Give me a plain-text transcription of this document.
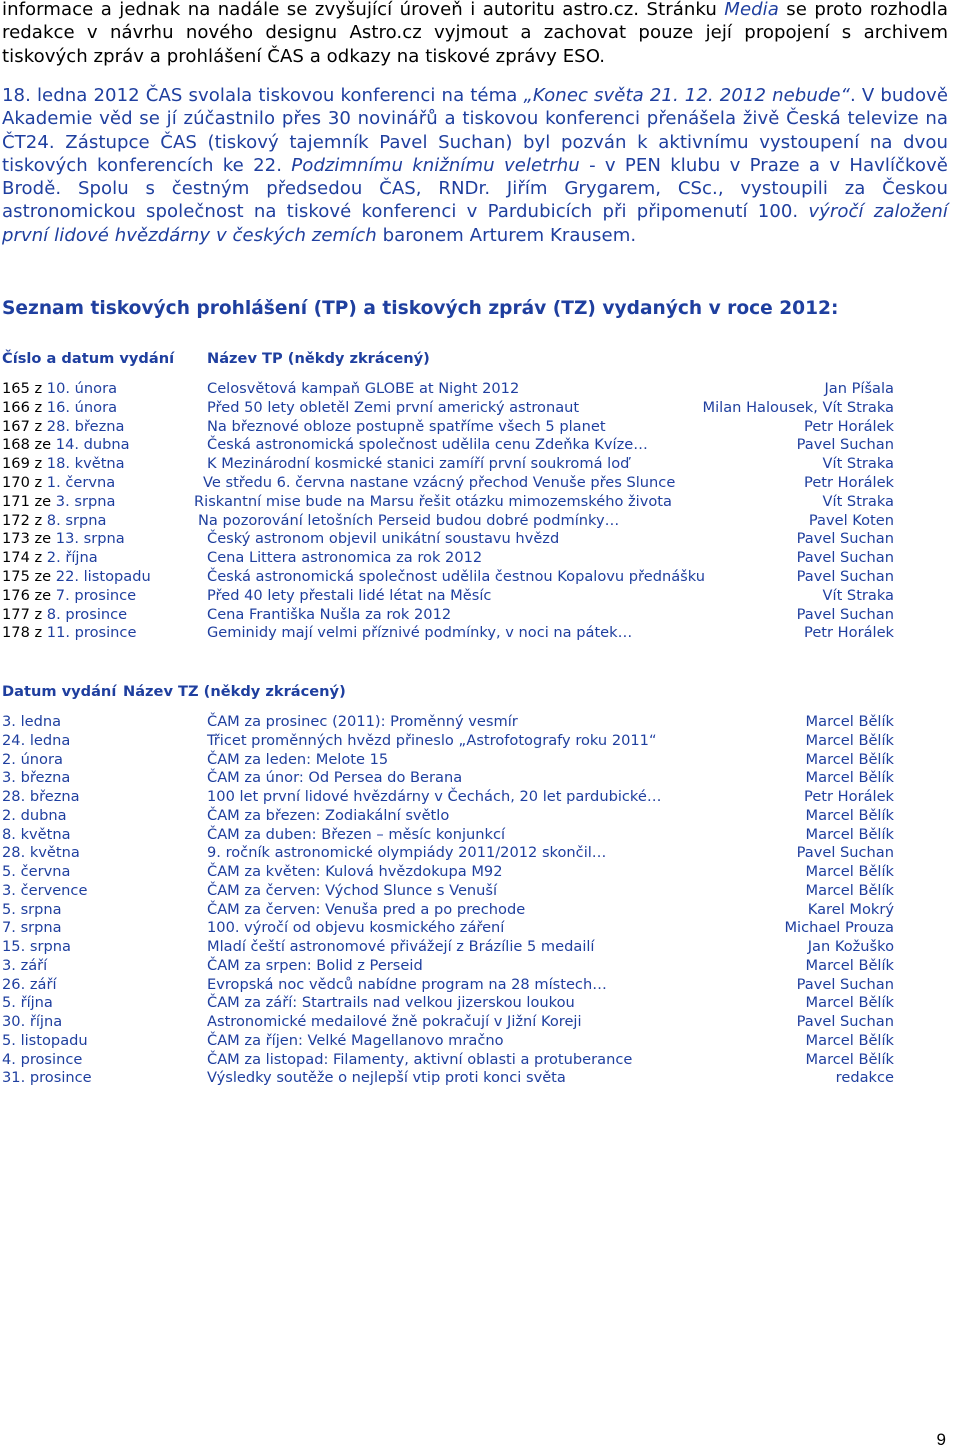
informace a jednak na nadále se zvyšující úroveň i autoritu astro.cz. Stránku Media se proto rozhodla redakce v návrhu nového designu Astro.cz vyjmout a zachovat pouze její propojení s archivem tiskových zpráv a prohlášení ČAS a odkazy na tiskové zprávy ESO.

18. ledna 2012 ČAS svolala tiskovou konferenci na téma „Konec světa 21. 12. 2012 nebude“. V budově Akademie věd se jí zúčastnilo přes 30 novinářů a tiskovou konferenci přenášela živě Česká televize na ČT24. Zástupce ČAS (tiskový tajemník Pavel Suchan) byl pozván k aktivnímu vystoupení na dvou tiskových konferencích ke 22. Podzimnímu knižnímu veletrhu - v PEN klubu v Praze a v Havlíčkově Brodě. Spolu s čestným předsedou ČAS, RNDr. Jiřím Grygarem, CSc., vystoupili za Českou astronomickou společnost na tiskové konferenci v Pardubicích při připomenutí 100. výročí založení první lidové hvězdárny v českých zemích baronem Arturem Krausem.

Seznam tiskových prohlášení (TP) a tiskových zpráv (TZ) vydaných v roce 2012:
Číslo a datum vydání Název TP (někdy zkrácený)
165 z 10. února	Celosvětová kampaň GLOBE at Night 2012	Jan Píšala
166 z 16. února	Před 50 lety obletěl Zemi první americký astronaut	Milan Halousek, Vít Straka
167 z 28. března	Na březnové obloze postupně spatříme všech 5 planet	Petr Horálek
168 ze 14. dubna	Česká astronomická společnost udělila cenu Zdeňka Kvíze…	Pavel Suchan
169 z 18. května	K Mezinárodní kosmické stanici zamíří první soukromá loď	Vít Straka
170 z 1. června	Ve středu 6. června nastane vzácný přechod Venuše přes Slunce	Petr Horálek
171 ze 3. srpna	Riskantní mise bude na Marsu řešit otázku mimozemského života	Vít Straka
172 z 8. srpna	Na pozorování letošních Perseid budou dobré podmínky…	Pavel Koten
173 ze 13. srpna	Český astronom objevil unikátní soustavu hvězd	Pavel Suchan
174 z 2. října	Cena Littera astronomica za rok 2012	Pavel Suchan
175 ze 22. listopadu	Česká astronomická společnost udělila čestnou Kopalovu přednášku	Pavel Suchan
176 ze 7. prosince	Před 40 lety přestali lidé létat na Měsíc	Vít Straka
177 z 8. prosince	Cena Františka Nušla za rok 2012	Pavel Suchan
178 z 11. prosince	Geminidy mají velmi příznivé podmínky, v noci na pátek…	Petr Horálek
Datum vydání Název TZ (někdy zkrácený)
3. ledna	ČAM za prosinec (2011): Proměnný vesmír	Marcel Bělík
24. ledna	Třicet proměnných hvězd přineslo „Astrofotografy roku 2011“	Marcel Bělík
2. února	ČAM za leden: Melote 15	Marcel Bělík
3. března	ČAM za únor: Od Persea do Berana	Marcel Bělík
28. března	100 let první lidové hvězdárny v Čechách, 20 let pardubické…	Petr Horálek
2. dubna	ČAM za březen: Zodiakální světlo	Marcel Bělík
8. května	ČAM za duben: Březen – měsíc konjunkcí	Marcel Bělík
28. května	9. ročník astronomické olympiády 2011/2012 skončil…	Pavel Suchan
5. června	ČAM za květen: Kulová hvězdokupa M92	Marcel Bělík
3. července	ČAM za červen: Východ Slunce s Venuší	Marcel Bělík
5. srpna	ČAM za červen: Venuša pred a po prechode	Karel Mokrý
7. srpna	100. výročí od objevu kosmického záření	Michael Prouza
15. srpna	Mladí čeští astronomové přivážejí z Brázílie 5 medailí	Jan Kožuško
3. září	ČAM za srpen: Bolid z Perseid	Marcel Bělík
26. září	Evropská noc vědců nabídne program na 28 místech…	Pavel Suchan
5. října	ČAM za září: Startrails nad velkou jizerskou loukou	Marcel Bělík
30. října	Astronomické medailové žně pokračují v Jižní Koreji	Pavel Suchan
5. listopadu	ČAM za říjen: Velké Magellanovo mračno	Marcel Bělík
4. prosince	ČAM za listopad: Filamenty, aktivní oblasti a protuberance	Marcel Bělík
31. prosince	Výsledky soutěže o nejlepší vtip proti konci světa	redakce
9
